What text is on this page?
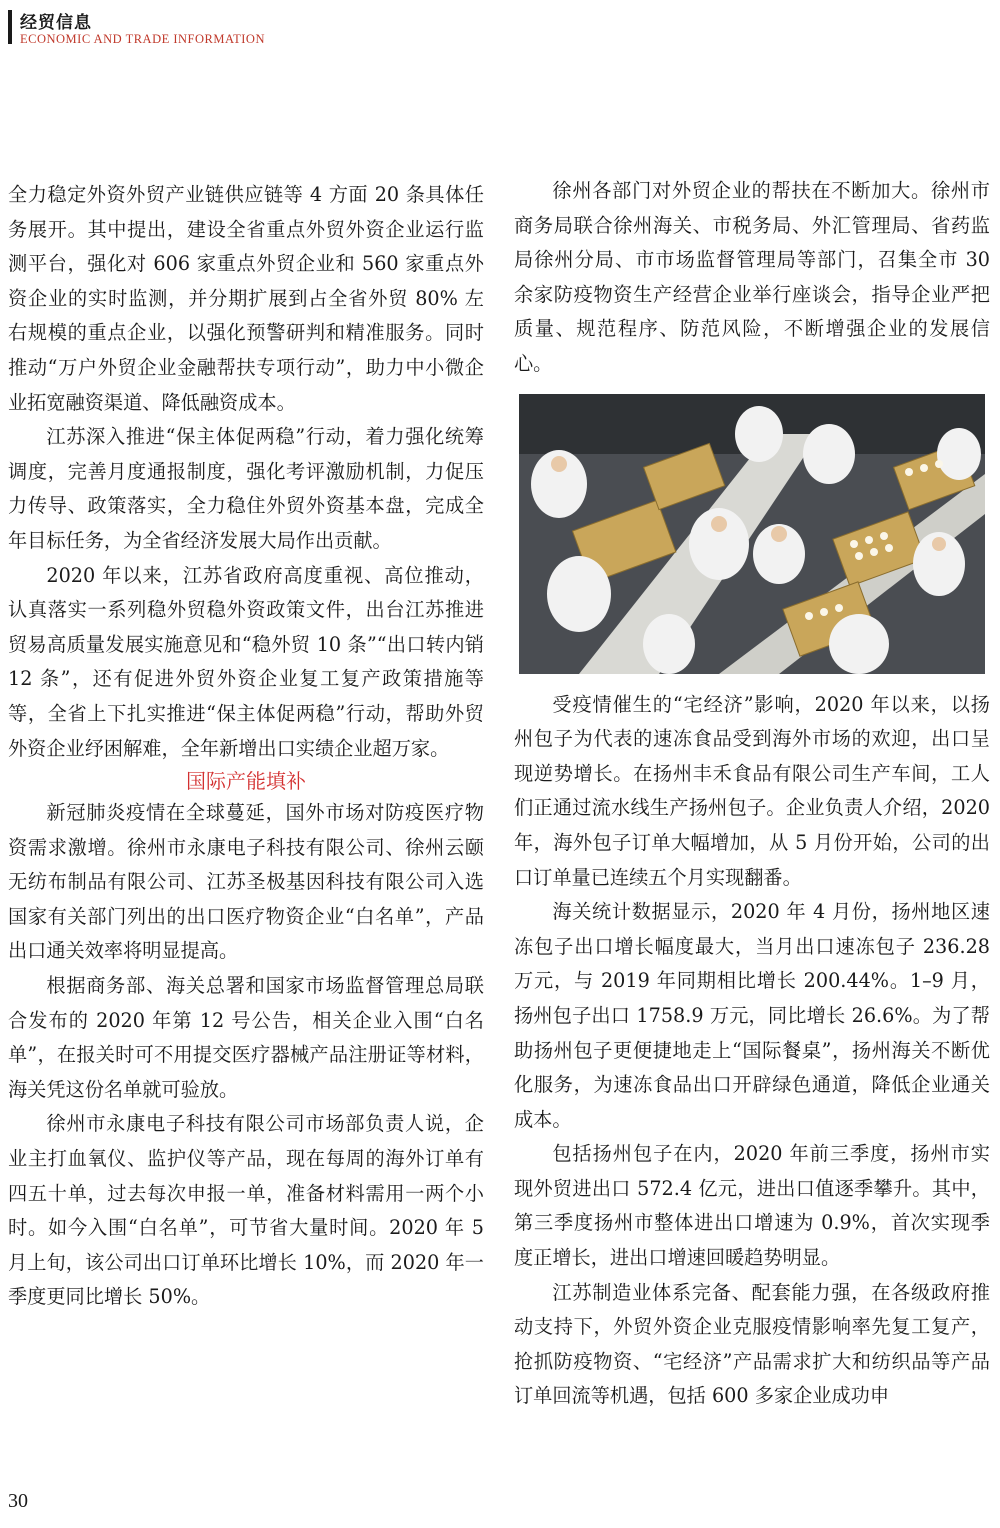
经贸信息
ECONOMIC AND TRADE INFORMATION

全力稳定外资外贸产业链供应链等 4 方面 20 条具体任务展开。其中提出，建设全省重点外贸外资企业运行监测平台，强化对 606 家重点外贸企业和 560 家重点外资企业的实时监测，并分期扩展到占全省外贸 80% 左右规模的重点企业，以强化预警研判和精准服务。同时推动“万户外贸企业金融帮扶专项行动”，助力中小微企业拓宽融资渠道、降低融资成本。

江苏深入推进“保主体促两稳”行动，着力强化统筹调度，完善月度通报制度，强化考评激励机制，力促压力传导、政策落实，全力稳住外贸外资基本盘，完成全年目标任务，为全省经济发展大局作出贡献。

2020 年以来，江苏省政府高度重视、高位推动，认真落实一系列稳外贸稳外资政策文件，出台江苏推进贸易高质量发展实施意见和“稳外贸 10 条”“出口转内销 12 条”，还有促进外贸外资企业复工复产政策措施等等，全省上下扎实推进“保主体促两稳”行动，帮助外贸外资企业纾困解难，全年新增出口实绩企业超万家。

国际产能填补

新冠肺炎疫情在全球蔓延，国外市场对防疫医疗物资需求激增。徐州市永康电子科技有限公司、徐州云颐无纺布制品有限公司、江苏圣极基因科技有限公司入选国家有关部门列出的出口医疗物资企业“白名单”，产品出口通关效率将明显提高。

根据商务部、海关总署和国家市场监督管理总局联合发布的 2020 年第 12 号公告，相关企业入围“白名单”，在报关时可不用提交医疗器械产品注册证等材料，海关凭这份名单就可验放。

徐州市永康电子科技有限公司市场部负责人说，企业主打血氧仪、监护仪等产品，现在每周的海外订单有四五十单，过去每次申报一单，准备材料需用一两个小时。如今入围“白名单”，可节省大量时间。2020 年 5 月上旬，该公司出口订单环比增长 10%，而 2020 年一季度更同比增长 50%。

徐州各部门对外贸企业的帮扶在不断加大。徐州市商务局联合徐州海关、市税务局、外汇管理局、省药监局徐州分局、市市场监督管理局等部门，召集全市 30 余家防疫物资生产经营企业举行座谈会，指导企业严把质量、规范程序、防范风险，不断增强企业的发展信心。

受疫情催生的“宅经济”影响，2020 年以来，以扬州包子为代表的速冻食品受到海外市场的欢迎，出口呈现逆势增长。在扬州丰禾食品有限公司生产车间，工人们正通过流水线生产扬州包子。企业负责人介绍，2020 年，海外包子订单大幅增加，从 5 月份开始，公司的出口订单量已连续五个月实现翻番。

海关统计数据显示，2020 年 4 月份，扬州地区速冻包子出口增长幅度最大，当月出口速冻包子 236.28 万元，与 2019 年同期相比增长 200.44%。1–9 月，扬州包子出口 1758.9 万元，同比增长 26.6%。为了帮助扬州包子更便捷地走上“国际餐桌”，扬州海关不断优化服务，为速冻食品出口开辟绿色通道，降低企业通关成本。

包括扬州包子在内，2020 年前三季度，扬州市实现外贸进出口 572.4 亿元，进出口值逐季攀升。其中，第三季度扬州市整体进出口增速为 0.9%，首次实现季度正增长，进出口增速回暖趋势明显。

江苏制造业体系完备、配套能力强，在各级政府推动支持下，外贸外资企业克服疫情影响率先复工复产，抢抓防疫物资、“宅经济”产品需求扩大和纺织品等产品订单回流等机遇，包括 600 多家企业成功申

30
